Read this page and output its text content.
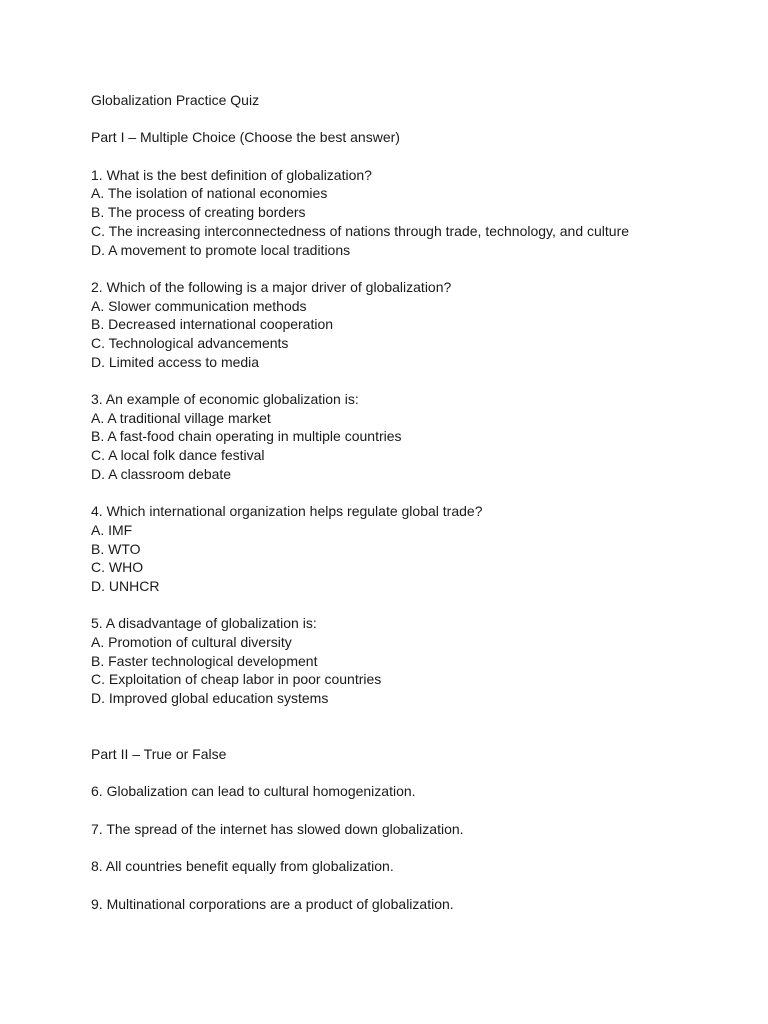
Globalization Practice Quiz
Part I – Multiple Choice (Choose the best answer)
1. What is the best definition of globalization?
A. The isolation of national economies
B. The process of creating borders
C. The increasing interconnectedness of nations through trade, technology, and culture
D. A movement to promote local traditions
2. Which of the following is a major driver of globalization?
A. Slower communication methods
B. Decreased international cooperation
C. Technological advancements
D. Limited access to media
3. An example of economic globalization is:
A. A traditional village market
B. A fast-food chain operating in multiple countries
C. A local folk dance festival
D. A classroom debate
4. Which international organization helps regulate global trade?
A. IMF
B. WTO
C. WHO
D. UNHCR
5. A disadvantage of globalization is:
A. Promotion of cultural diversity
B. Faster technological development
C. Exploitation of cheap labor in poor countries
D. Improved global education systems
Part II – True or False
6. Globalization can lead to cultural homogenization.
7. The spread of the internet has slowed down globalization.
8. All countries benefit equally from globalization.
9. Multinational corporations are a product of globalization.
